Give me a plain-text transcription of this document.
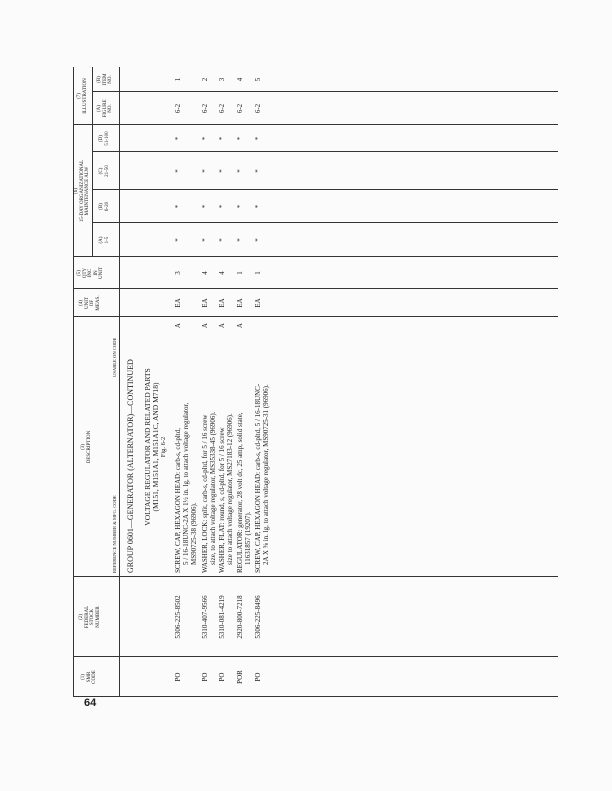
64
(1) SMR CODE
(2) FEDERAL STOCK NUMBER
(3) DESCRIPTION
REFERENCE NUMBER & MFG. CODE
USABLE ON CODE
(4) UNIT OF MEAS.
(5) QTY INC IN UNIT
(6) 15-DAY ORGANIZATIONAL MAINTENANCE ALW
(A) 1-5
(B) 6-20
(C) 21-50
(D) 51-100
(7) ILLUSTRATION (A) FIGURE NO.
(B) ITEM NO.
GROUP 0601—GENERATOR (ALTERNATOR)—CONTINUED VOLTAGE REGULATOR AND RELATED PARTS (M151, M151A1, M151A1C, AND M718) Fig. 6-2
PO
5306-225-8502
EA
3
*
*
*
*
6-2
1
SCREW, CAP, HEXAGON HEAD: carb-s, cd-pltd, 5 / 16-18UNC-2A X 1½ in. lg, to attach voltage regulator, MS90725-38 (96906).
A
PO
5310-407-9566
EA
4
*
*
*
*
6-2
2
WASHER, LOCK: split, carb-s, cd-pltd, for 5 / 16 screw size, to attach voltage regulator, MS35338-45 (96906).
A
PO
5310-081-4219
EA
4
*
*
*
*
6-2
3
WASHER, FLAT: round, s, cd-pltd, for 5 / 16 screw size to attach voltage regulator, MS27183-12 (96906).
A
POR
2920-800-7218
EA
1
*
*
*
*
6-2
4
REGULATOR: generator, 28 volt dc, 25 amp, solid state, 11631857 (19207).
A
PO
5306-225-8496
EA
1
*
*
*
*
6-2
5
SCREW, CAP, HEXAGON HEAD: carb-s, cd-pltd, 5 / 16-18UNC- 2A X ⅝ in. lg, to attach voltage regulator, MS90725-31 (96906).
